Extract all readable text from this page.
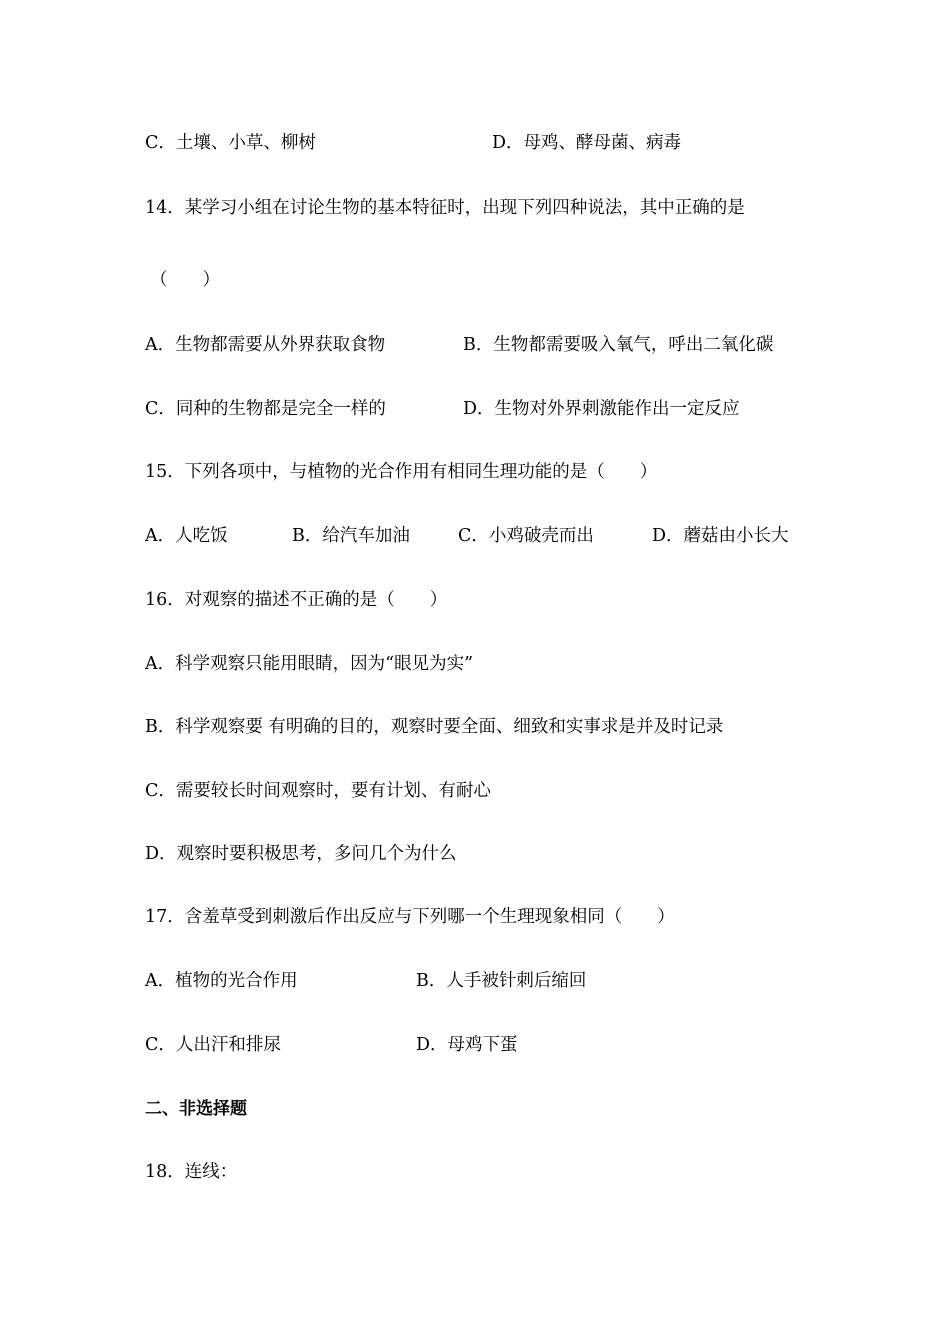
C．土壤、小草、柳树	D．母鸡、酵母菌、病毒
14．某学习小组在讨论生物的基本特征时，出现下列四种说法，其中正确的是
（　　）
A．生物都需要从外界获取食物	B．生物都需要吸入氧气，呼出二氧化碳
C．同种的生物都是完全一样的	D．生物对外界刺激能作出一定反应
15．下列各项中，与植物的光合作用有相同生理功能的是（　　）
A．人吃饭	B．给汽车加油	C．小鸡破壳而出	D．蘑菇由小长大
16．对观察的描述不正确的是（　　）
A．科学观察只能用眼睛，因为“眼见为实”
B．科学观察要 有明确的目的，观察时要全面、细致和实事求是并及时记录
C．需要较长时间观察时，要有计划、有耐心
D．观察时要积极思考，多问几个为什么
17．含羞草受到刺激后作出反应与下列哪一个生理现象相同（　　）
A．植物的光合作用	B．人手被针刺后缩回
C．人出汗和排尿	D．母鸡下蛋
二、非选择题
18．连线：
